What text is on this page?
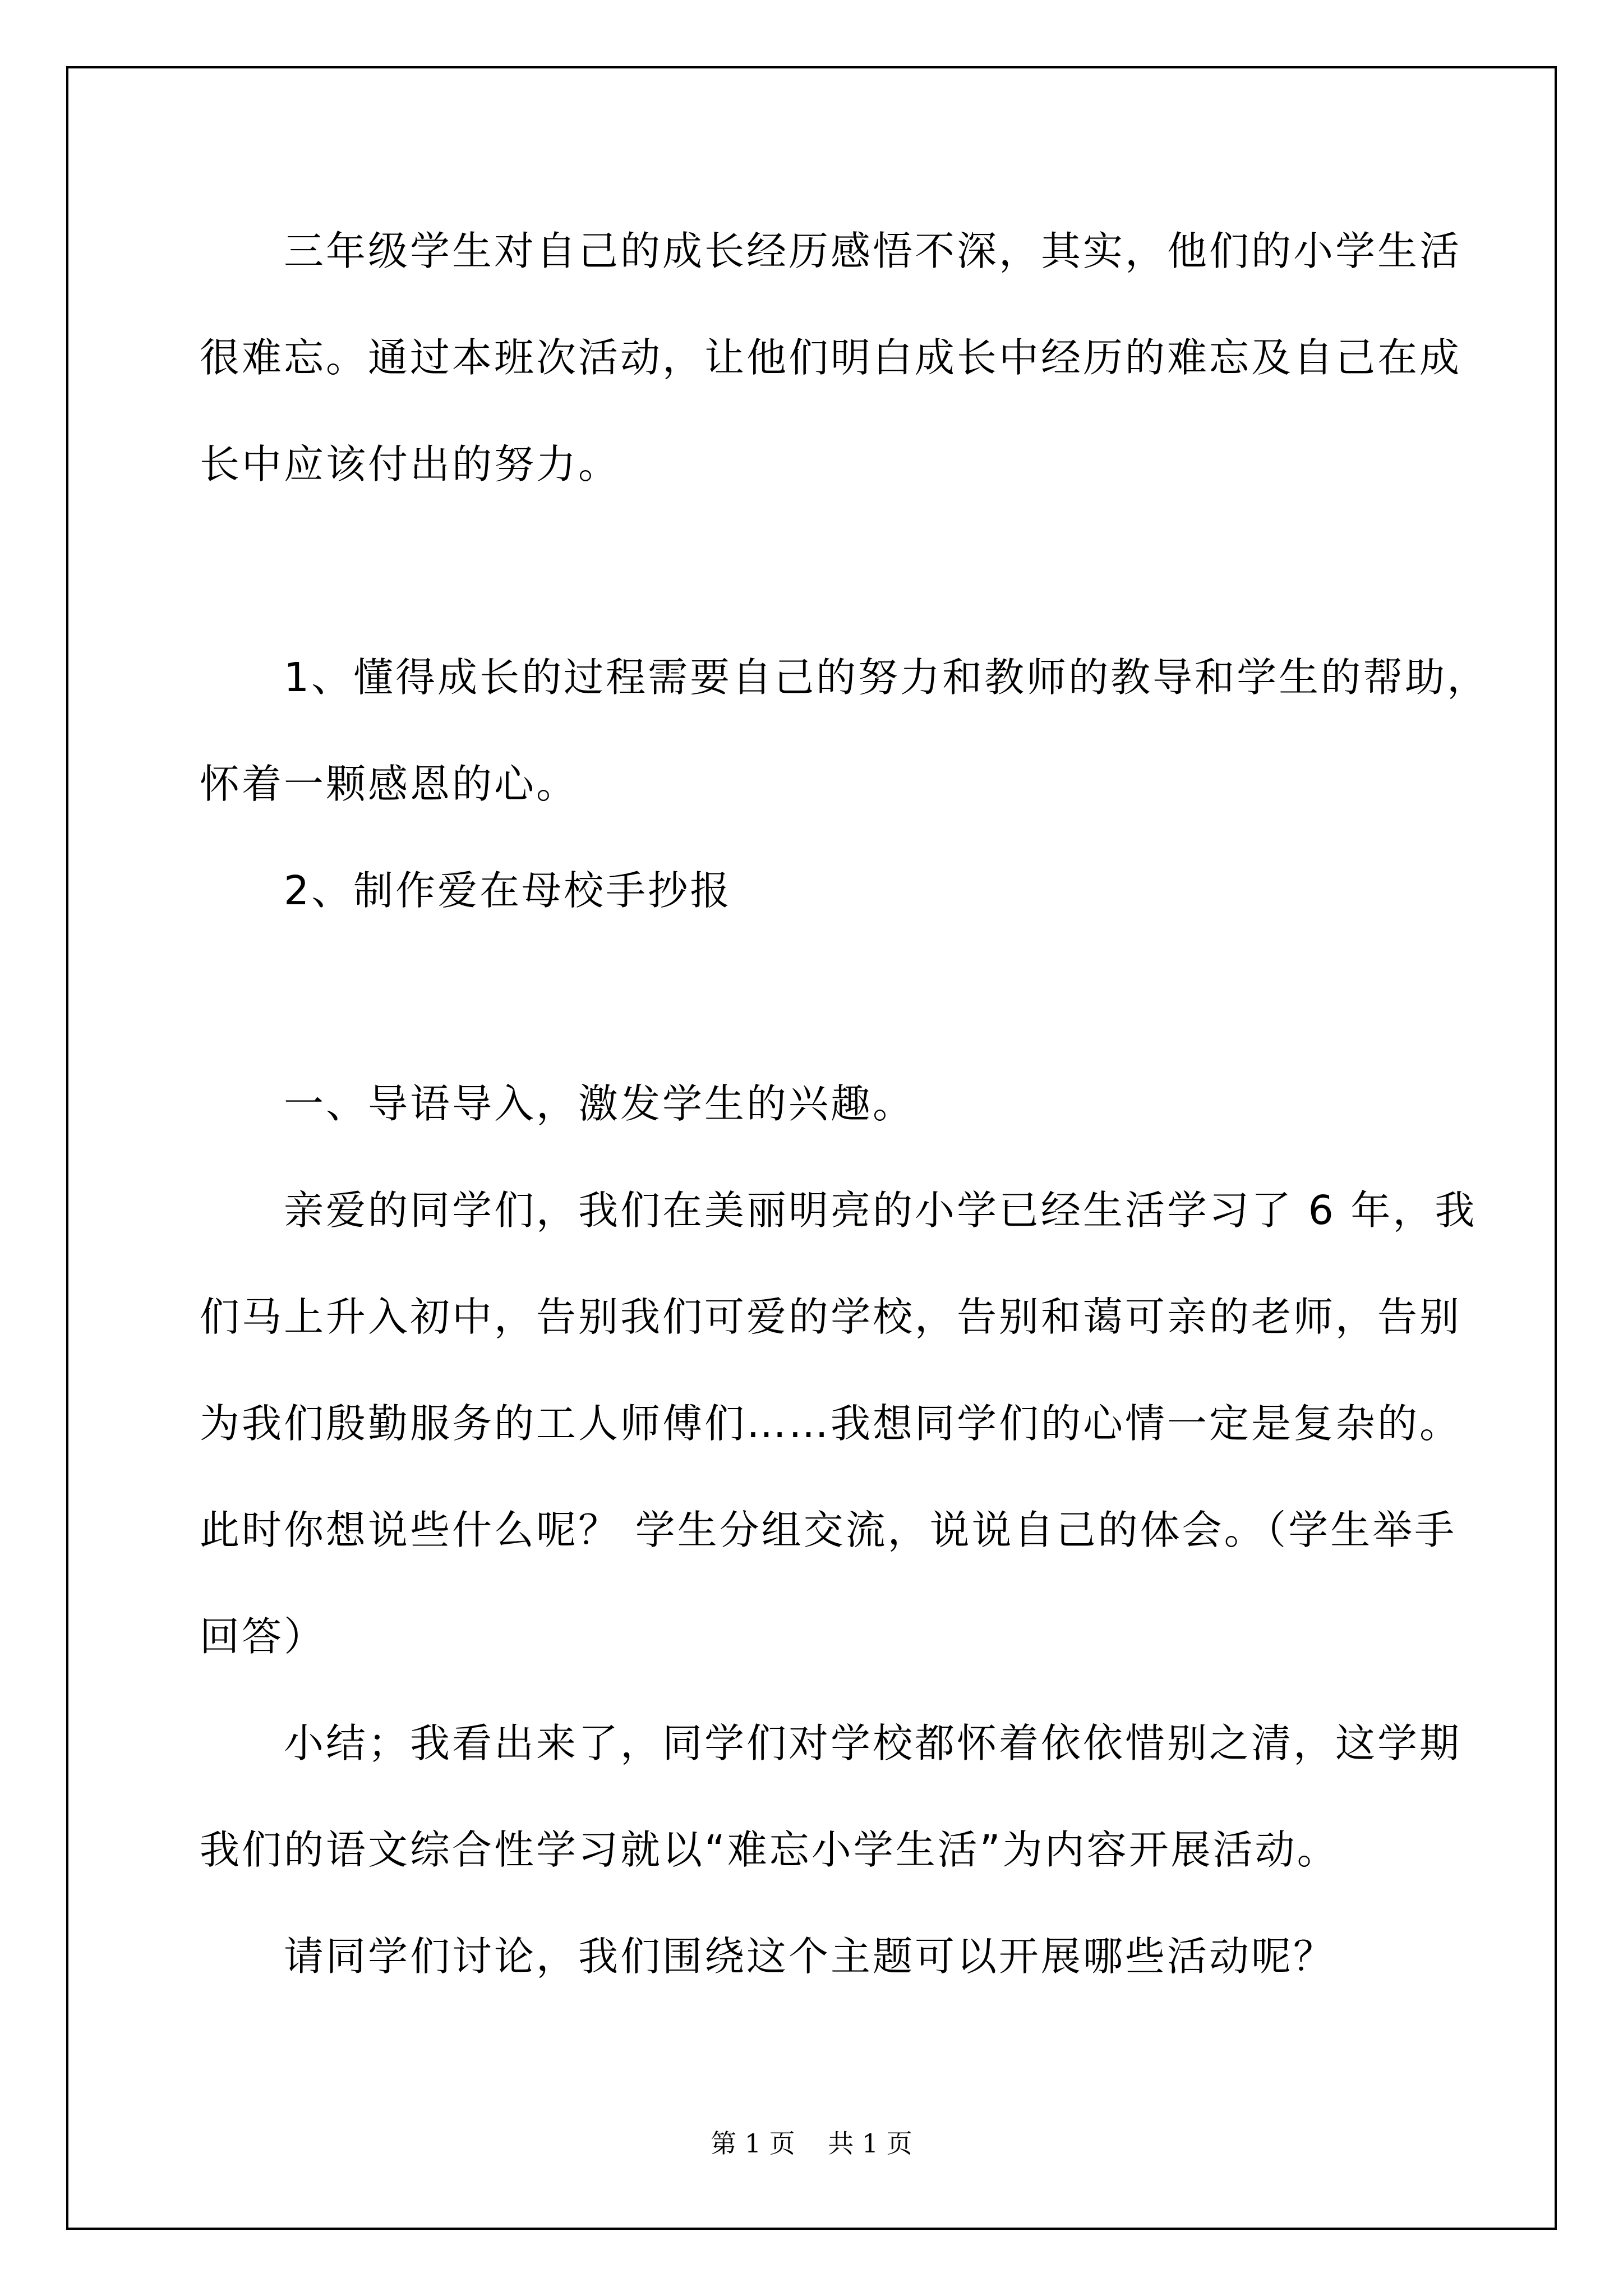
三年级学生对自己的成长经历感悟不深，其实，他们的小学生活

很难忘。通过本班次活动，让他们明白成长中经历的难忘及自己在成

长中应该付出的努力。

1、懂得成长的过程需要自己的努力和教师的教导和学生的帮助，

怀着一颗感恩的心。

2、制作爱在母校手抄报

一、导语导入，激发学生的兴趣。

亲爱的同学们，我们在美丽明亮的小学已经生活学习了 6 年，我

们马上升入初中，告别我们可爱的学校，告别和蔼可亲的老师，告别

为我们殷勤服务的工人师傅们……我想同学们的心情一定是复杂的。

此时你想说些什么呢？ 学生分组交流，说说自己的体会。（学生举手

回答）

小结；我看出来了，同学们对学校都怀着依依惜别之清，这学期

我们的语文综合性学习就以“难忘小学生活”为内容开展活动。

请同学们讨论，我们围绕这个主题可以开展哪些活动呢？

第 1 页    共 1 页
